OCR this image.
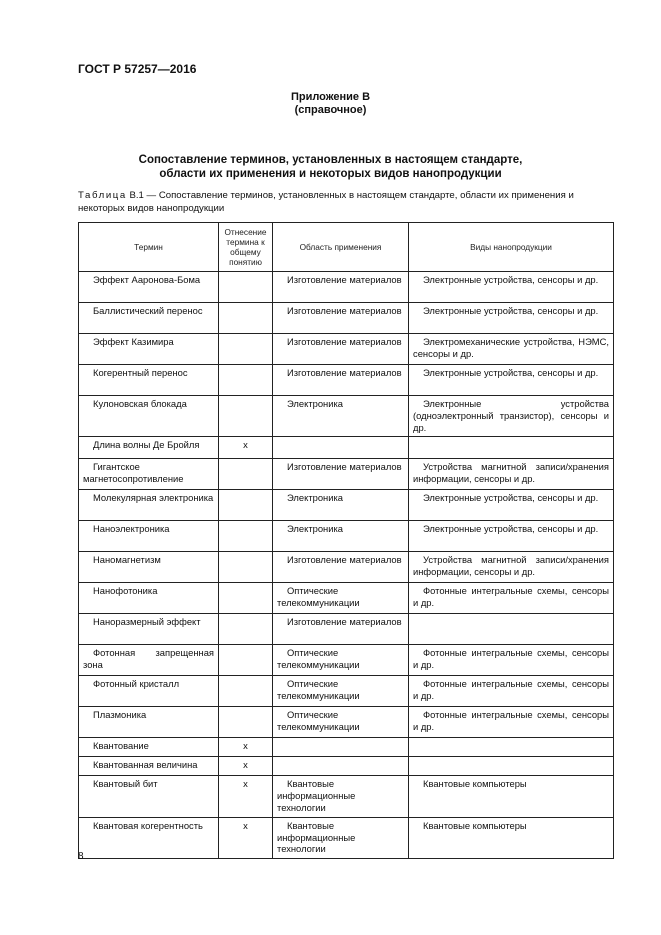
ГОСТ Р 57257—2016
Приложение В
(справочное)
Сопоставление терминов, установленных в настоящем стандарте,
области их применения и некоторых видов нанопродукции
Таблица В.1 — Сопоставление терминов, установленных в настоящем стандарте, области их применения и некоторых видов нанопродукции
Термин	Отнесение термина к общему понятию	Область применения	Виды нанопродукции
Эффект Ааронова-Бома		Изготовление материалов	Электронные устройства, сенсоры и др.
Баллистический перенос		Изготовление материалов	Электронные устройства, сенсоры и др.
Эффект Казимира		Изготовление материалов	Электромеханические устройства, НЭМС, сенсоры и др.
Когерентный перенос		Изготовление материалов	Электронные устройства, сенсоры и др.
Кулоновская блокада		Электроника	Электронные устройства (одноэлектронный транзистор), сенсоры и др.
Длина волны Де Бройля	x		
Гигантское магнетосопротивление		Изготовление материалов	Устройства магнитной записи/хранения информации, сенсоры и др.
Молекулярная электроника		Электроника	Электронные устройства, сенсоры и др.
Наноэлектроника		Электроника	Электронные устройства, сенсоры и др.
Наномагнетизм		Изготовление материалов	Устройства магнитной записи/хранения информации, сенсоры и др.
Нанофотоника		Оптические телекоммуникации	Фотонные интегральные схемы, сенсоры и др.
Наноразмерный эффект		Изготовление материалов	
Фотонная запрещенная зона		Оптические телекоммуникации	Фотонные интегральные схемы, сенсоры и др.
Фотонный кристалл		Оптические телекоммуникации	Фотонные интегральные схемы, сенсоры и др.
Плазмоника		Оптические телекоммуникации	Фотонные интегральные схемы, сенсоры и др.
Квантование	x		
Квантованная величина	x		
Квантовый бит	x	Квантовые информационные технологии	Квантовые компьютеры
Квантовая когерентность	x	Квантовые информационные технологии	Квантовые компьютеры
8
